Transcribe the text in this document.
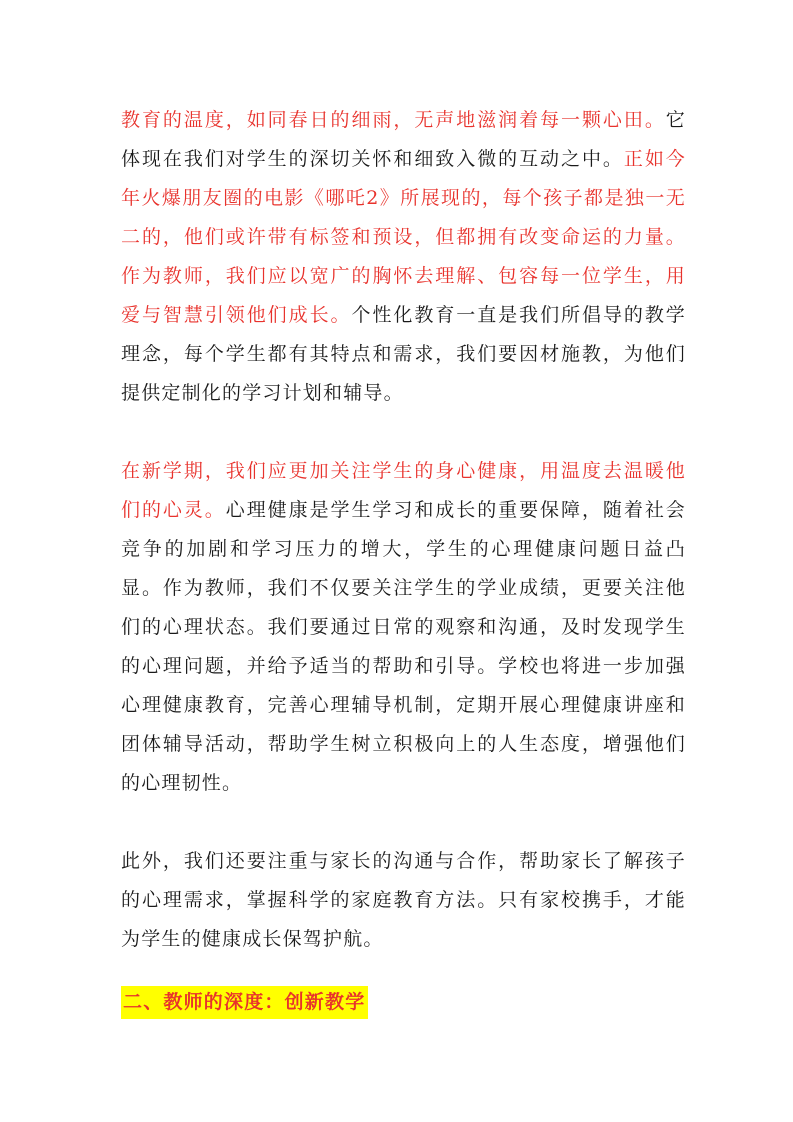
教育的温度，如同春日的细雨，无声地滋润着每一颗心田。它体现在我们对学生的深切关怀和细致入微的互动之中。正如今年火爆朋友圈的电影《哪吒2》所展现的，每个孩子都是独一无二的，他们或许带有标签和预设，但都拥有改变命运的力量。作为教师，我们应以宽广的胸怀去理解、包容每一位学生，用爱与智慧引领他们成长。个性化教育一直是我们所倡导的教学理念，每个学生都有其特点和需求，我们要因材施教，为他们提供定制化的学习计划和辅导。

在新学期，我们应更加关注学生的身心健康，用温度去温暖他们的心灵。心理健康是学生学习和成长的重要保障，随着社会竞争的加剧和学习压力的增大，学生的心理健康问题日益凸显。作为教师，我们不仅要关注学生的学业成绩，更要关注他们的心理状态。我们要通过日常的观察和沟通，及时发现学生的心理问题，并给予适当的帮助和引导。学校也将进一步加强心理健康教育，完善心理辅导机制，定期开展心理健康讲座和团体辅导活动，帮助学生树立积极向上的人生态度，增强他们的心理韧性。

此外，我们还要注重与家长的沟通与合作，帮助家长了解孩子的心理需求，掌握科学的家庭教育方法。只有家校携手，才能为学生的健康成长保驾护航。

二、教师的深度：创新教学
